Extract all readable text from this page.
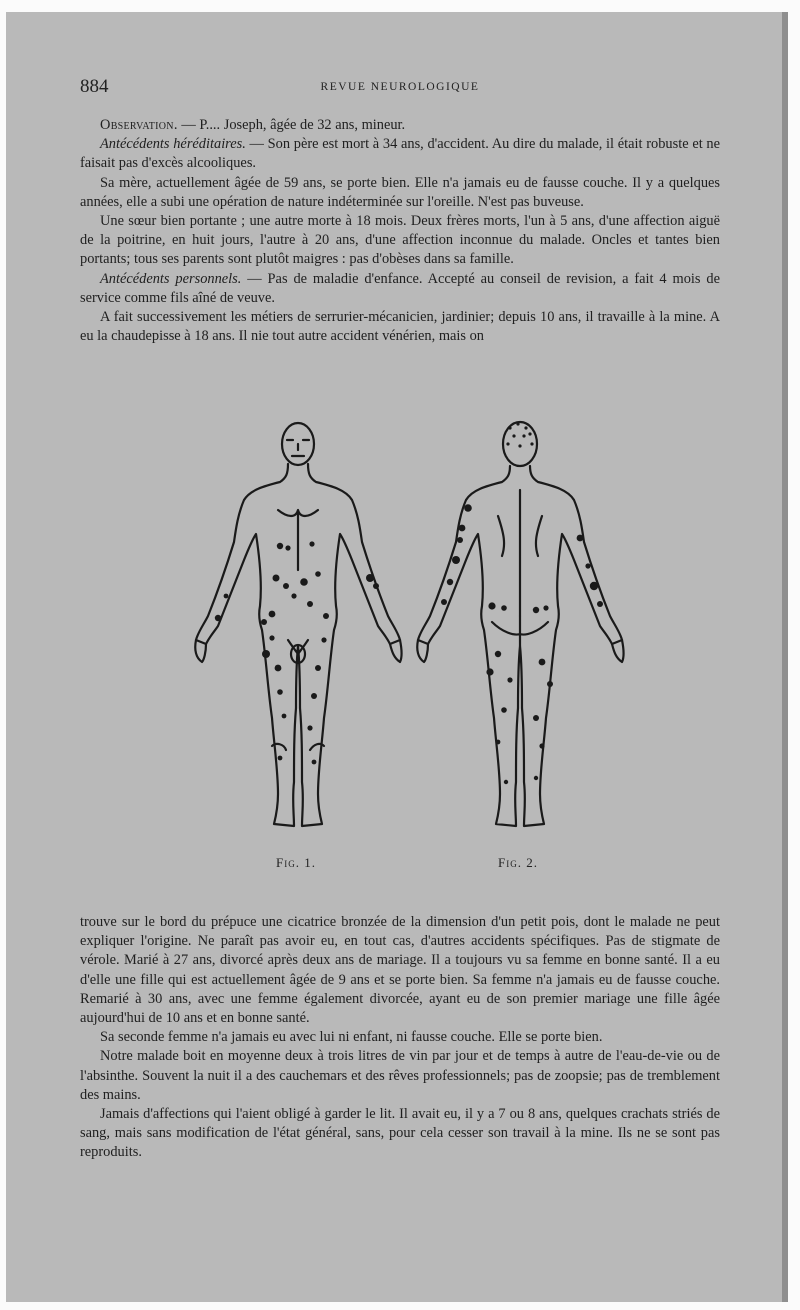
884	REVUE NEUROLOGIQUE

Observation. — P.... Joseph, âgée de 32 ans, mineur.

Antécédents héréditaires. — Son père est mort à 34 ans, d'accident. Au dire du malade, il était robuste et ne faisait pas d'excès alcooliques.

Sa mère, actuellement âgée de 59 ans, se porte bien. Elle n'a jamais eu de fausse couche. Il y a quelques années, elle a subi une opération de nature indéterminée sur l'oreille. N'est pas buveuse.

Une sœur bien portante ; une autre morte à 18 mois. Deux frères morts, l'un à 5 ans, d'une affection aiguë de la poitrine, en huit jours, l'autre à 20 ans, d'une affection inconnue du malade. Oncles et tantes bien portants; tous ses parents sont plutôt maigres : pas d'obèses dans sa famille.

Antécédents personnels. — Pas de maladie d'enfance. Accepté au conseil de revision, a fait 4 mois de service comme fils aîné de veuve.

A fait successivement les métiers de serrurier-mécanicien, jardinier; depuis 10 ans, il travaille à la mine. A eu la chaudepisse à 18 ans. Il nie tout autre accident vénérien, mais on

Fig. 1.	Fig. 2.

trouve sur le bord du prépuce une cicatrice bronzée de la dimension d'un petit pois, dont le malade ne peut expliquer l'origine. Ne paraît pas avoir eu, en tout cas, d'autres accidents spécifiques. Pas de stigmate de vérole. Marié à 27 ans, divorcé après deux ans de mariage. Il a toujours vu sa femme en bonne santé. Il a eu d'elle une fille qui est actuellement âgée de 9 ans et se porte bien. Sa femme n'a jamais eu de fausse couche. Remarié à 30 ans, avec une femme également divorcée, ayant eu de son premier mariage une fille âgée aujourd'hui de 10 ans et en bonne santé.

Sa seconde femme n'a jamais eu avec lui ni enfant, ni fausse couche. Elle se porte bien.

Notre malade boit en moyenne deux à trois litres de vin par jour et de temps à autre de l'eau-de-vie ou de l'absinthe. Souvent la nuit il a des cauchemars et des rêves professionnels; pas de zoopsie; pas de tremblement des mains.

Jamais d'affections qui l'aient obligé à garder le lit. Il avait eu, il y a 7 ou 8 ans, quelques crachats striés de sang, mais sans modification de l'état général, sans, pour cela cesser son travail à la mine. Ils ne se sont pas reproduits.
